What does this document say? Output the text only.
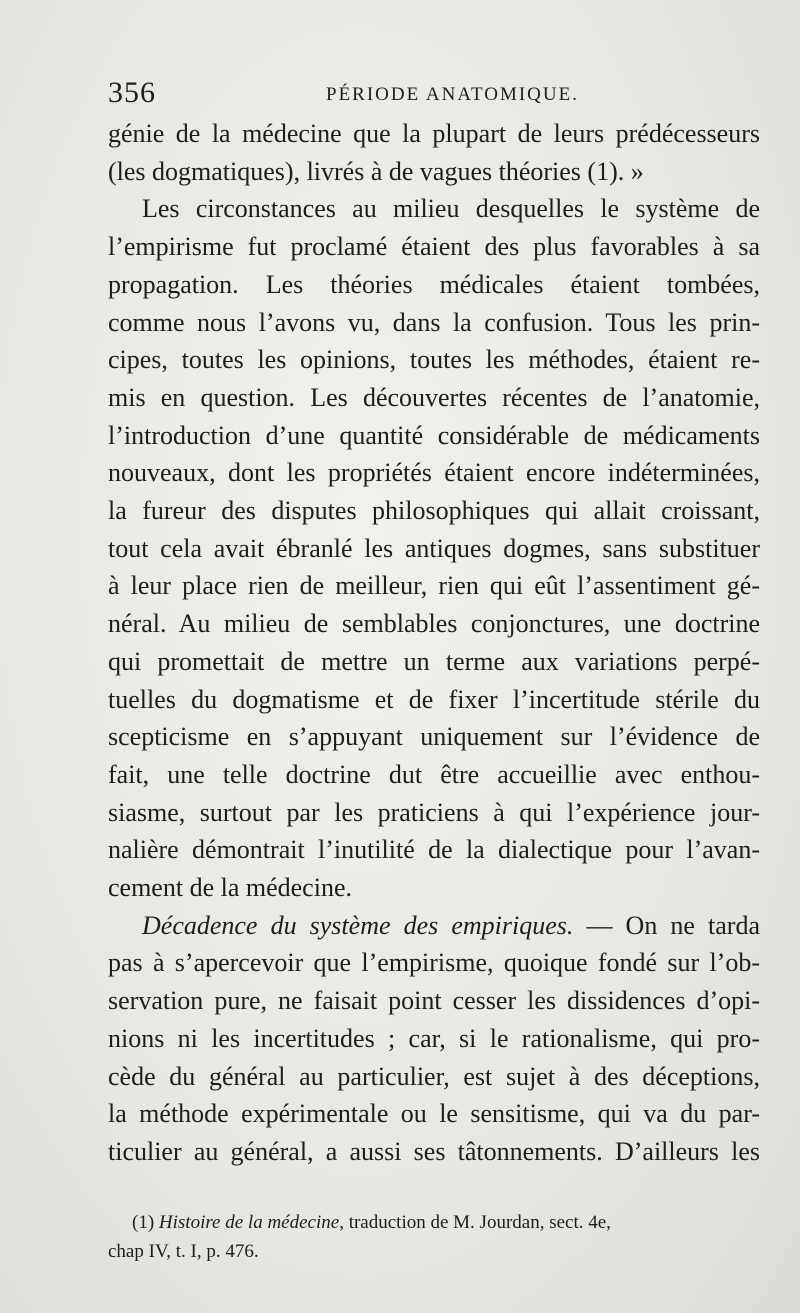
356	PÉRIODE ANATOMIQUE.
génie de la médecine que la plupart de leurs prédécesseurs
(les dogmatiques), livrés à de vagues théories (1). »
Les circonstances au milieu desquelles le système de
l’empirisme fut proclamé étaient des plus favorables à sa
propagation. Les théories médicales étaient tombées,
comme nous l’avons vu, dans la confusion. Tous les prin-
cipes, toutes les opinions, toutes les méthodes, étaient re-
mis en question. Les découvertes récentes de l’anatomie,
l’introduction d’une quantité considérable de médicaments
nouveaux, dont les propriétés étaient encore indéterminées,
la fureur des disputes philosophiques qui allait croissant,
tout cela avait ébranlé les antiques dogmes, sans substituer
à leur place rien de meilleur, rien qui eût l’assentiment gé-
néral. Au milieu de semblables conjonctures, une doctrine
qui promettait de mettre un terme aux variations perpé-
tuelles du dogmatisme et de fixer l’incertitude stérile du
scepticisme en s’appuyant uniquement sur l’évidence de
fait, une telle doctrine dut être accueillie avec enthou-
siasme, surtout par les praticiens à qui l’expérience jour-
nalière démontrait l’inutilité de la dialectique pour l’avan-
cement de la médecine.
Décadence du système des empiriques. — On ne tarda
pas à s’apercevoir que l’empirisme, quoique fondé sur l’ob-
servation pure, ne faisait point cesser les dissidences d’opi-
nions ni les incertitudes ; car, si le rationalisme, qui pro-
cède du général au particulier, est sujet à des déceptions,
la méthode expérimentale ou le sensitisme, qui va du par-
ticulier au général, a aussi ses tâtonnements. D’ailleurs les
(1) Histoire de la médecine, traduction de M. Jourdan, sect. 4e,
chap IV, t. I, p. 476.
